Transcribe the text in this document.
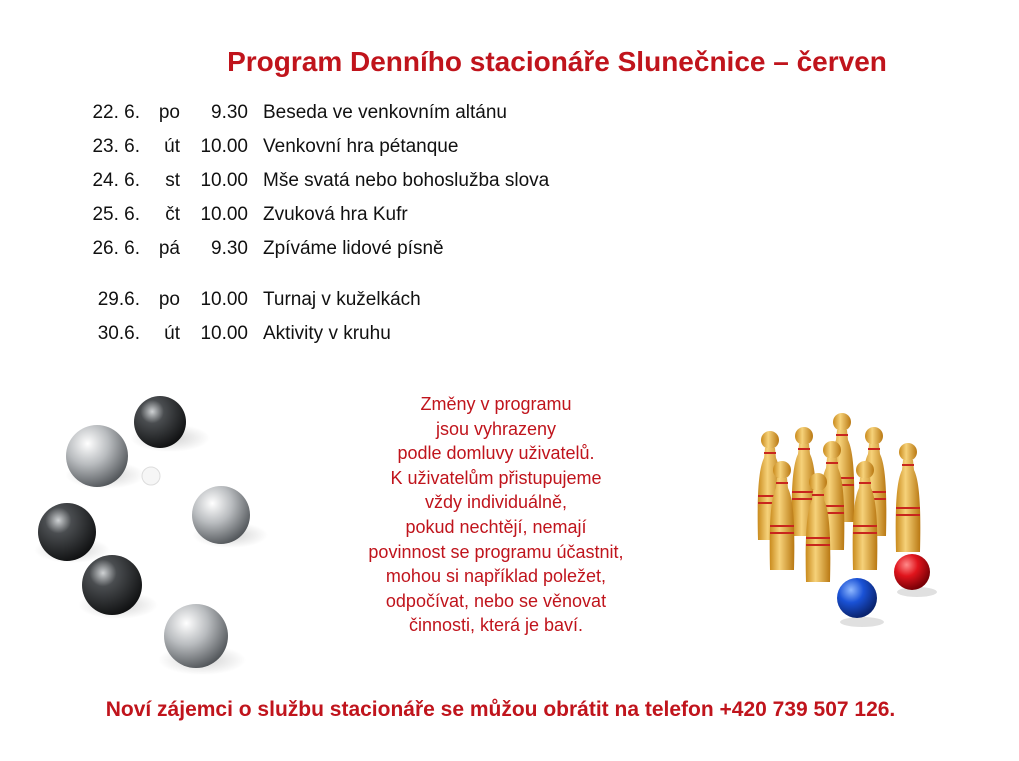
Program Denního stacionáře Slunečnice – červen
22. 6. po	9.30 Beseda ve venkovním altánu
23. 6.	út	10.00 Venkovní hra pétanque
24. 6.	st	10.00 Mše svatá nebo bohoslužba slova
25. 6.	čt	10.00 Zvuková hra Kufr
26. 6. pá	9.30 Zpíváme lidové písně
29.6. po	10.00 Turnaj v kuželkách
30.6.	út	10.00 Aktivity v kruhu

Změny v programu

jsou vyhrazeny

podle domluvy uživatelů.

K uživatelům přistupujeme

vždy individuálně,

pokud nechtějí, nemají

povinnost se programu účastnit,

mohou si například poležet,

odpočívat, nebo se věnovat

činnosti, která je baví.

Noví zájemci o službu stacionáře se můžou obrátit na telefon +420 739 507 126.
